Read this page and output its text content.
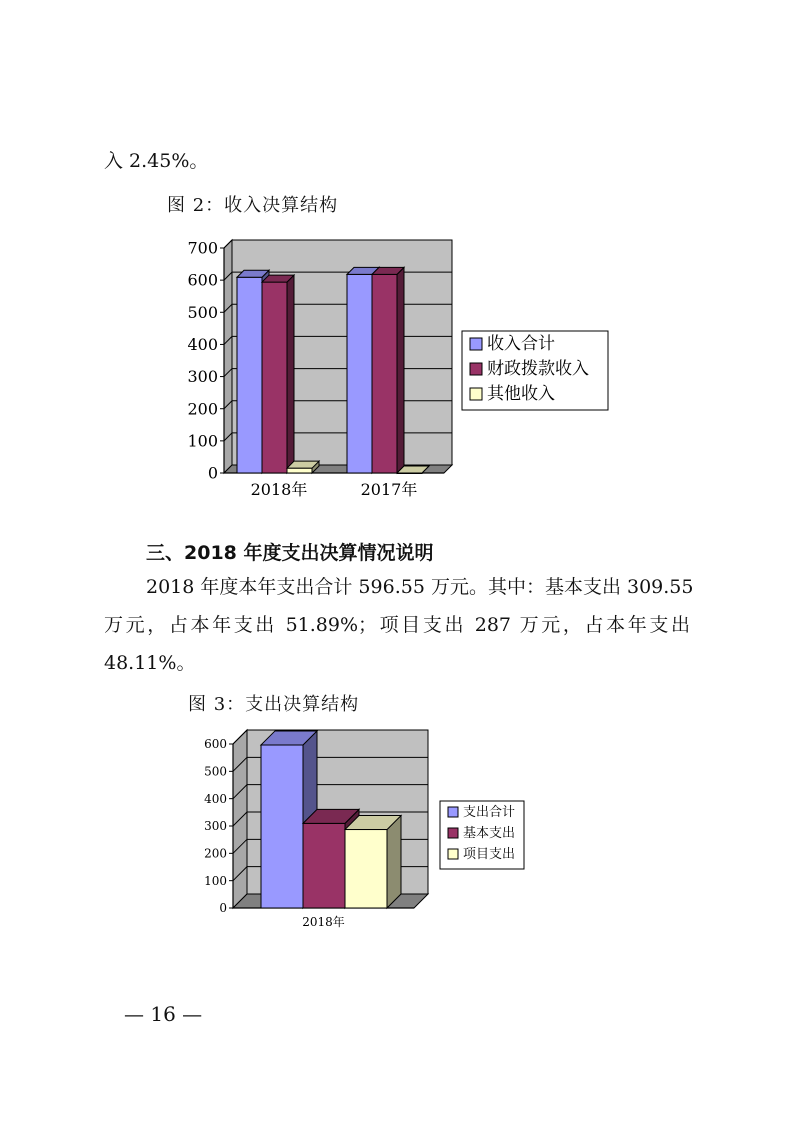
入 2.45%。
图 2：收入决算结构
0
100
200
300
400
500
600
700
2018年	2017年
收入合计
财政拨款收入
其他收入
三、2018 年度支出决算情况说明
2018 年度本年支出合计 596.55 万元。其中：基本支出 309.55
万元，占本年支出 51.89%；项目支出 287 万元，占本年支出
48.11%。
图 3：支出决算结构
0
100
200
300
400
500
600
2018年
支出合计
基本支出
项目支出
— 16 —
